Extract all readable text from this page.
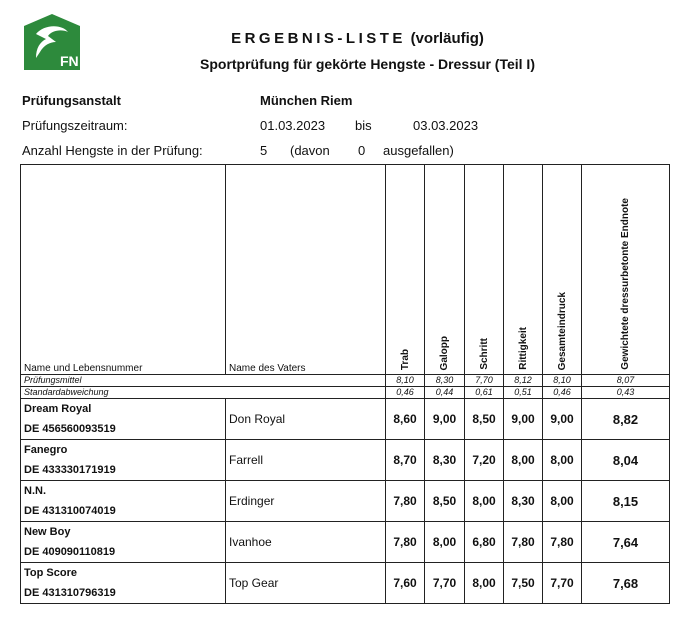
FN
ERGEBNIS-LISTE (vorläufig)
Sportprüfung für gekörte Hengste - Dressur (Teil I)
Prüfungsanstalt	München Riem
Prüfungszeitraum:	01.03.2023 bis	03.03.2023
Anzahl Hengste in der Prüfung:	5 (davon 0 ausgefallen)
Name und Lebensnummer	Name des Vaters	Trab	Galopp	Schritt	Rittigkeit	Gesamteindruck	Gewichtete dressurbetonte Endnote

Prüfungsmittel		8,10	8,30	7,70	8,12	8,10	8,07
Standardabweichung		0,46	0,44	0,61	0,51	0,46	0,43

Dream Royal
DE 456560093519	Don Royal	8,60	9,00	8,50	9,00	9,00	8,82

Fanegro
DE 433330171919	Farrell	8,70	8,30	7,20	8,00	8,00	8,04

N.N.
DE 431310074019	Erdinger	7,80	8,50	8,00	8,30	8,00	8,15

New Boy
DE 409090110819	Ivanhoe	7,80	8,00	6,80	7,80	7,80	7,64

Top Score
DE 431310796319	Top Gear	7,60	7,70	8,00	7,50	7,70	7,68
